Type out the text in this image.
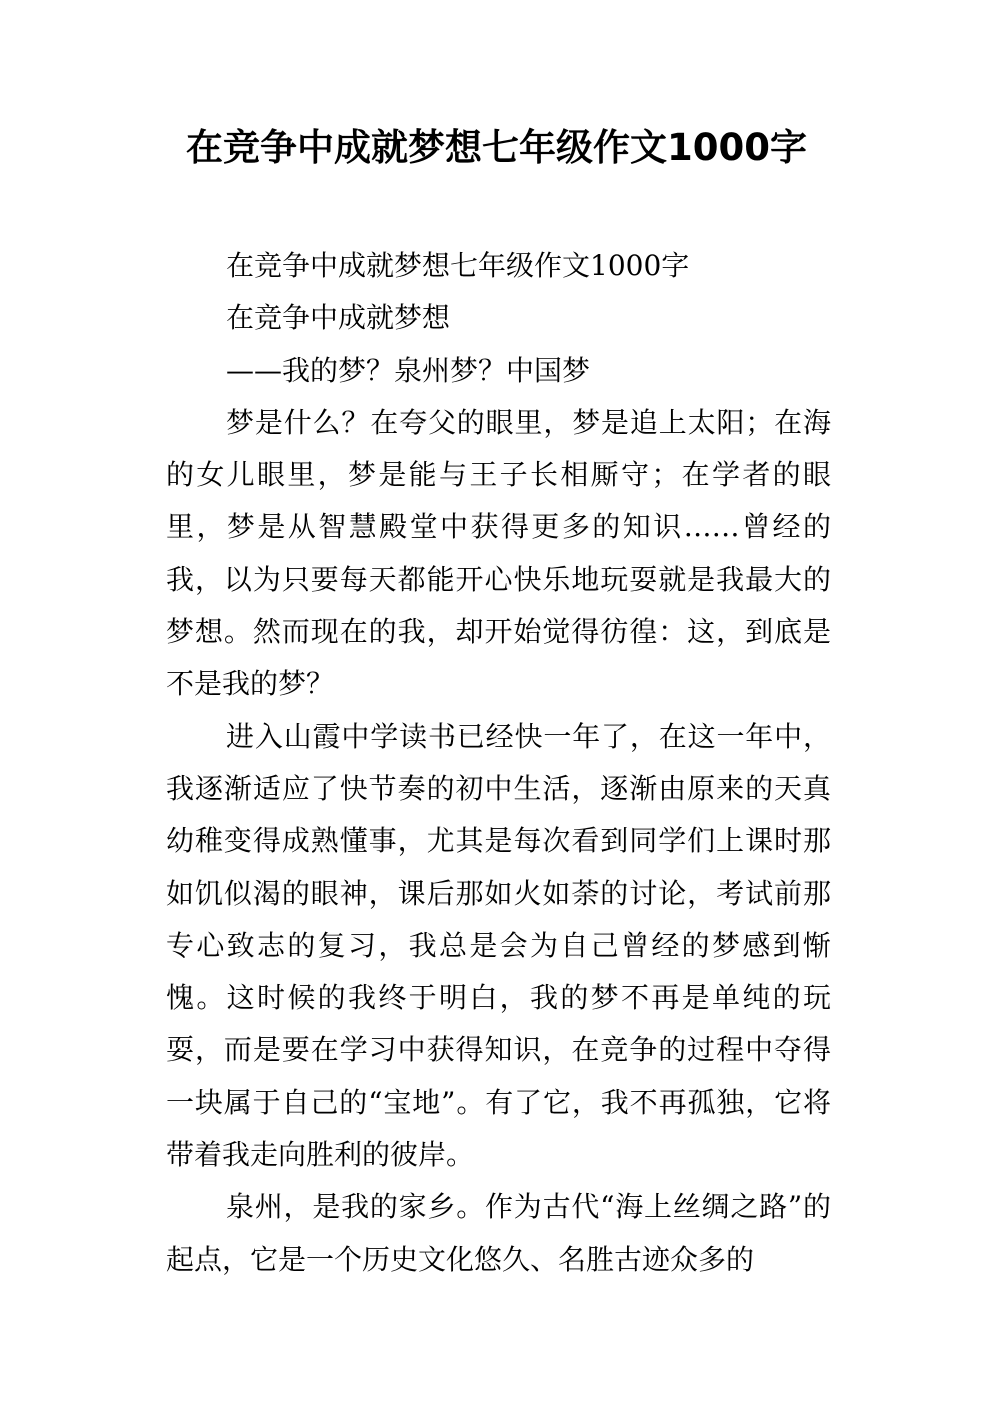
在竞争中成就梦想七年级作文1000字

在竞争中成就梦想七年级作文1000字

在竞争中成就梦想

——我的梦？泉州梦？中国梦

梦是什么？在夸父的眼里，梦是追上太阳；在海的女儿眼里，梦是能与王子长相厮守；在学者的眼里，梦是从智慧殿堂中获得更多的知识……曾经的我，以为只要每天都能开心快乐地玩耍就是我最大的梦想。然而现在的我，却开始觉得彷徨：这，到底是不是我的梦？

进入山霞中学读书已经快一年了，在这一年中，我逐渐适应了快节奏的初中生活，逐渐由原来的天真幼稚变得成熟懂事，尤其是每次看到同学们上课时那如饥似渴的眼神，课后那如火如荼的讨论，考试前那专心致志的复习，我总是会为自己曾经的梦感到惭愧。这时候的我终于明白，我的梦不再是单纯的玩耍，而是要在学习中获得知识，在竞争的过程中夺得一块属于自己的“宝地”。有了它，我不再孤独，它将带着我走向胜利的彼岸。

泉州，是我的家乡。作为古代“海上丝绸之路”的起点，它是一个历史文化悠久、名胜古迹众多的
